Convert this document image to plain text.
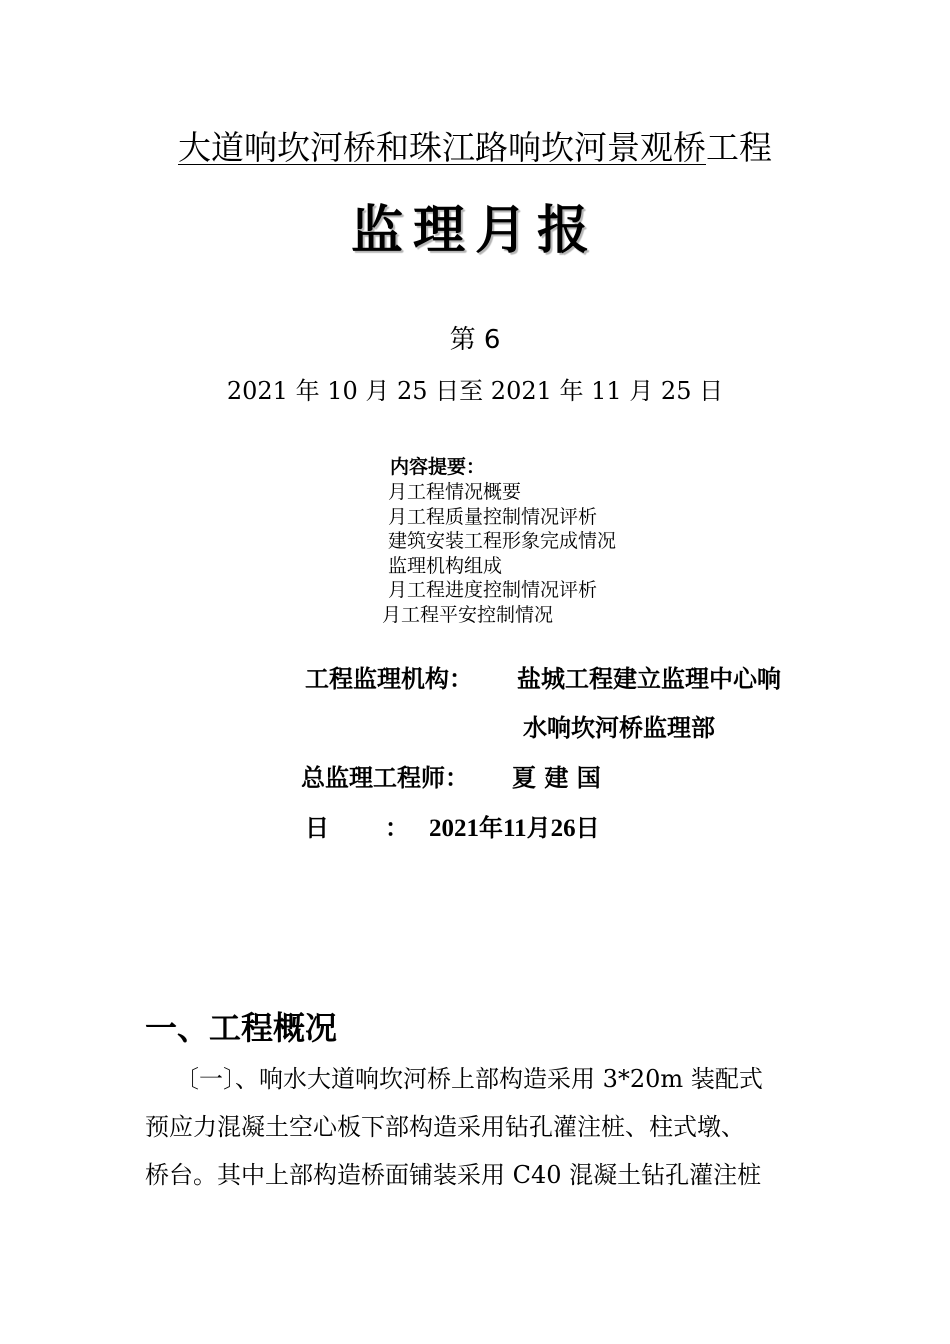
大道响坎河桥和珠江路响坎河景观桥工程
监理月报
第 6
2021 年 10 月 25 日至 2021 年 11 月 25 日
内容提要：
月工程情况概要
月工程质量控制情况评析
建筑安装工程形象完成情况
监理机构组成
月工程进度控制情况评析
月工程平安控制情况
工程监理机构： 盐城工程建立监理中心响
水响坎河桥监理部
总监理工程师： 夏 建 国
日 ： 2021年11月26日
一、工程概况
〔一〕、响水大道响坎河桥上部构造采用 3*20m 装配式
预应力混凝土空心板下部构造采用钻孔灌注桩、柱式墩、
桥台。其中上部构造桥面铺装采用 C40 混凝土钻孔灌注桩
